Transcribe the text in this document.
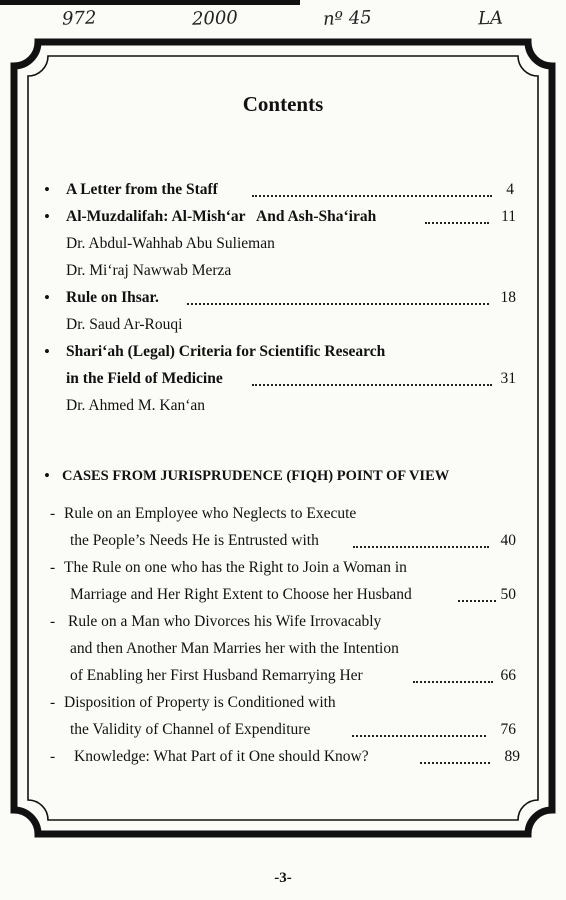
972	2000	nº 45	LA
Contents
• A Letter from the Staff	4
• Al-Muzdalifah: Al-Mish‘ar   And Ash-Sha‘irah	11
Dr. Abdul-Wahhab Abu Sulieman
Dr. Mi‘raj Nawwab Merza
• Rule on Ihsar.	18
Dr. Saud Ar-Rouqi
• Shari‘ah (Legal) Criteria for Scientific Research
in the Field of Medicine	31
Dr. Ahmed M. Kan‘an
• CASES FROM JURISPRUDENCE (FIQH) POINT OF VIEW
- Rule on an Employee who Neglects to Execute
the People’s Needs He is Entrusted with	40
- The Rule on one who has the Right to Join a Woman in
Marriage and Her Right Extent to Choose her Husband	50
- Rule on a Man who Divorces his Wife Irrovacably
and then Another Man Marries her with the Intention
of Enabling her First Husband Remarrying Her	66
- Disposition of Property is Conditioned with
the Validity of Channel of Expenditure	76
- Knowledge: What Part of it One should Know?	89
-3-
